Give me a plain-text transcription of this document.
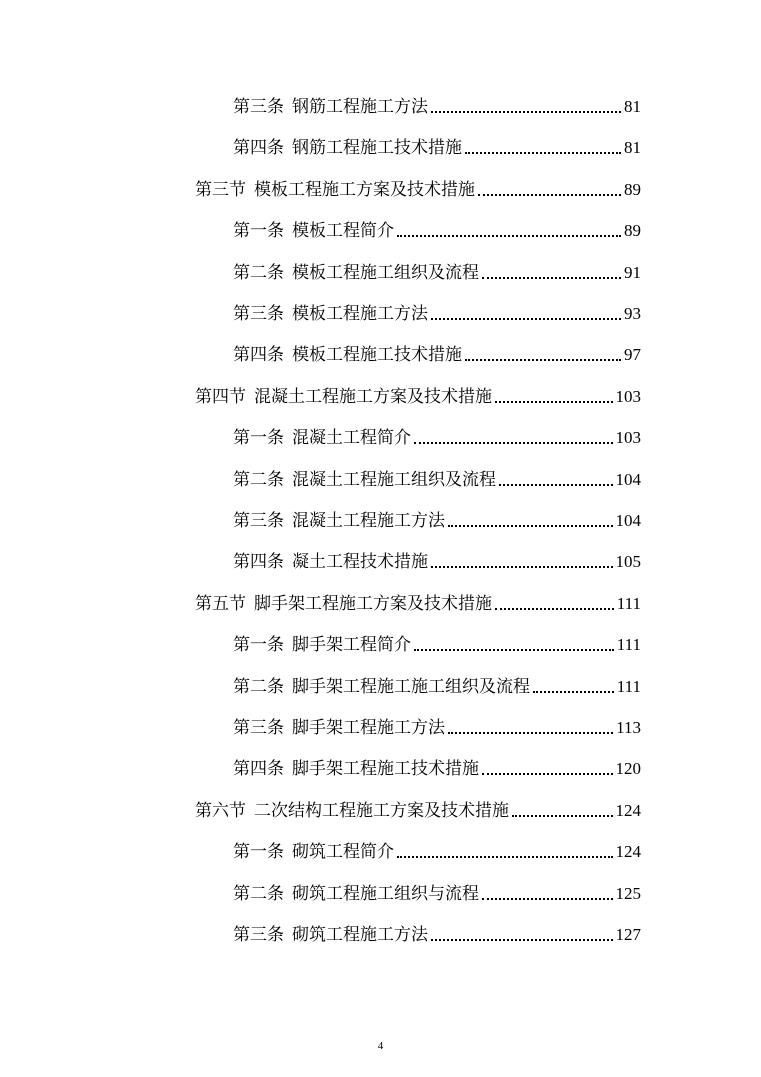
第三条 钢筋工程施工方法	81
第四条 钢筋工程施工技术措施	81
第三节 模板工程施工方案及技术措施	89
第一条 模板工程简介	89
第二条 模板工程施工组织及流程	91
第三条 模板工程施工方法	93
第四条 模板工程施工技术措施	97
第四节 混凝土工程施工方案及技术措施	103
第一条 混凝土工程简介	103
第二条 混凝土工程施工组织及流程	104
第三条 混凝土工程施工方法	104
第四条 凝土工程技术措施	105
第五节 脚手架工程施工方案及技术措施	111
第一条 脚手架工程简介	111
第二条 脚手架工程施工施工组织及流程	111
第三条 脚手架工程施工方法	113
第四条 脚手架工程施工技术措施	120
第六节 二次结构工程施工方案及技术措施	124
第一条 砌筑工程简介	124
第二条 砌筑工程施工组织与流程	125
第三条 砌筑工程施工方法	127
4
